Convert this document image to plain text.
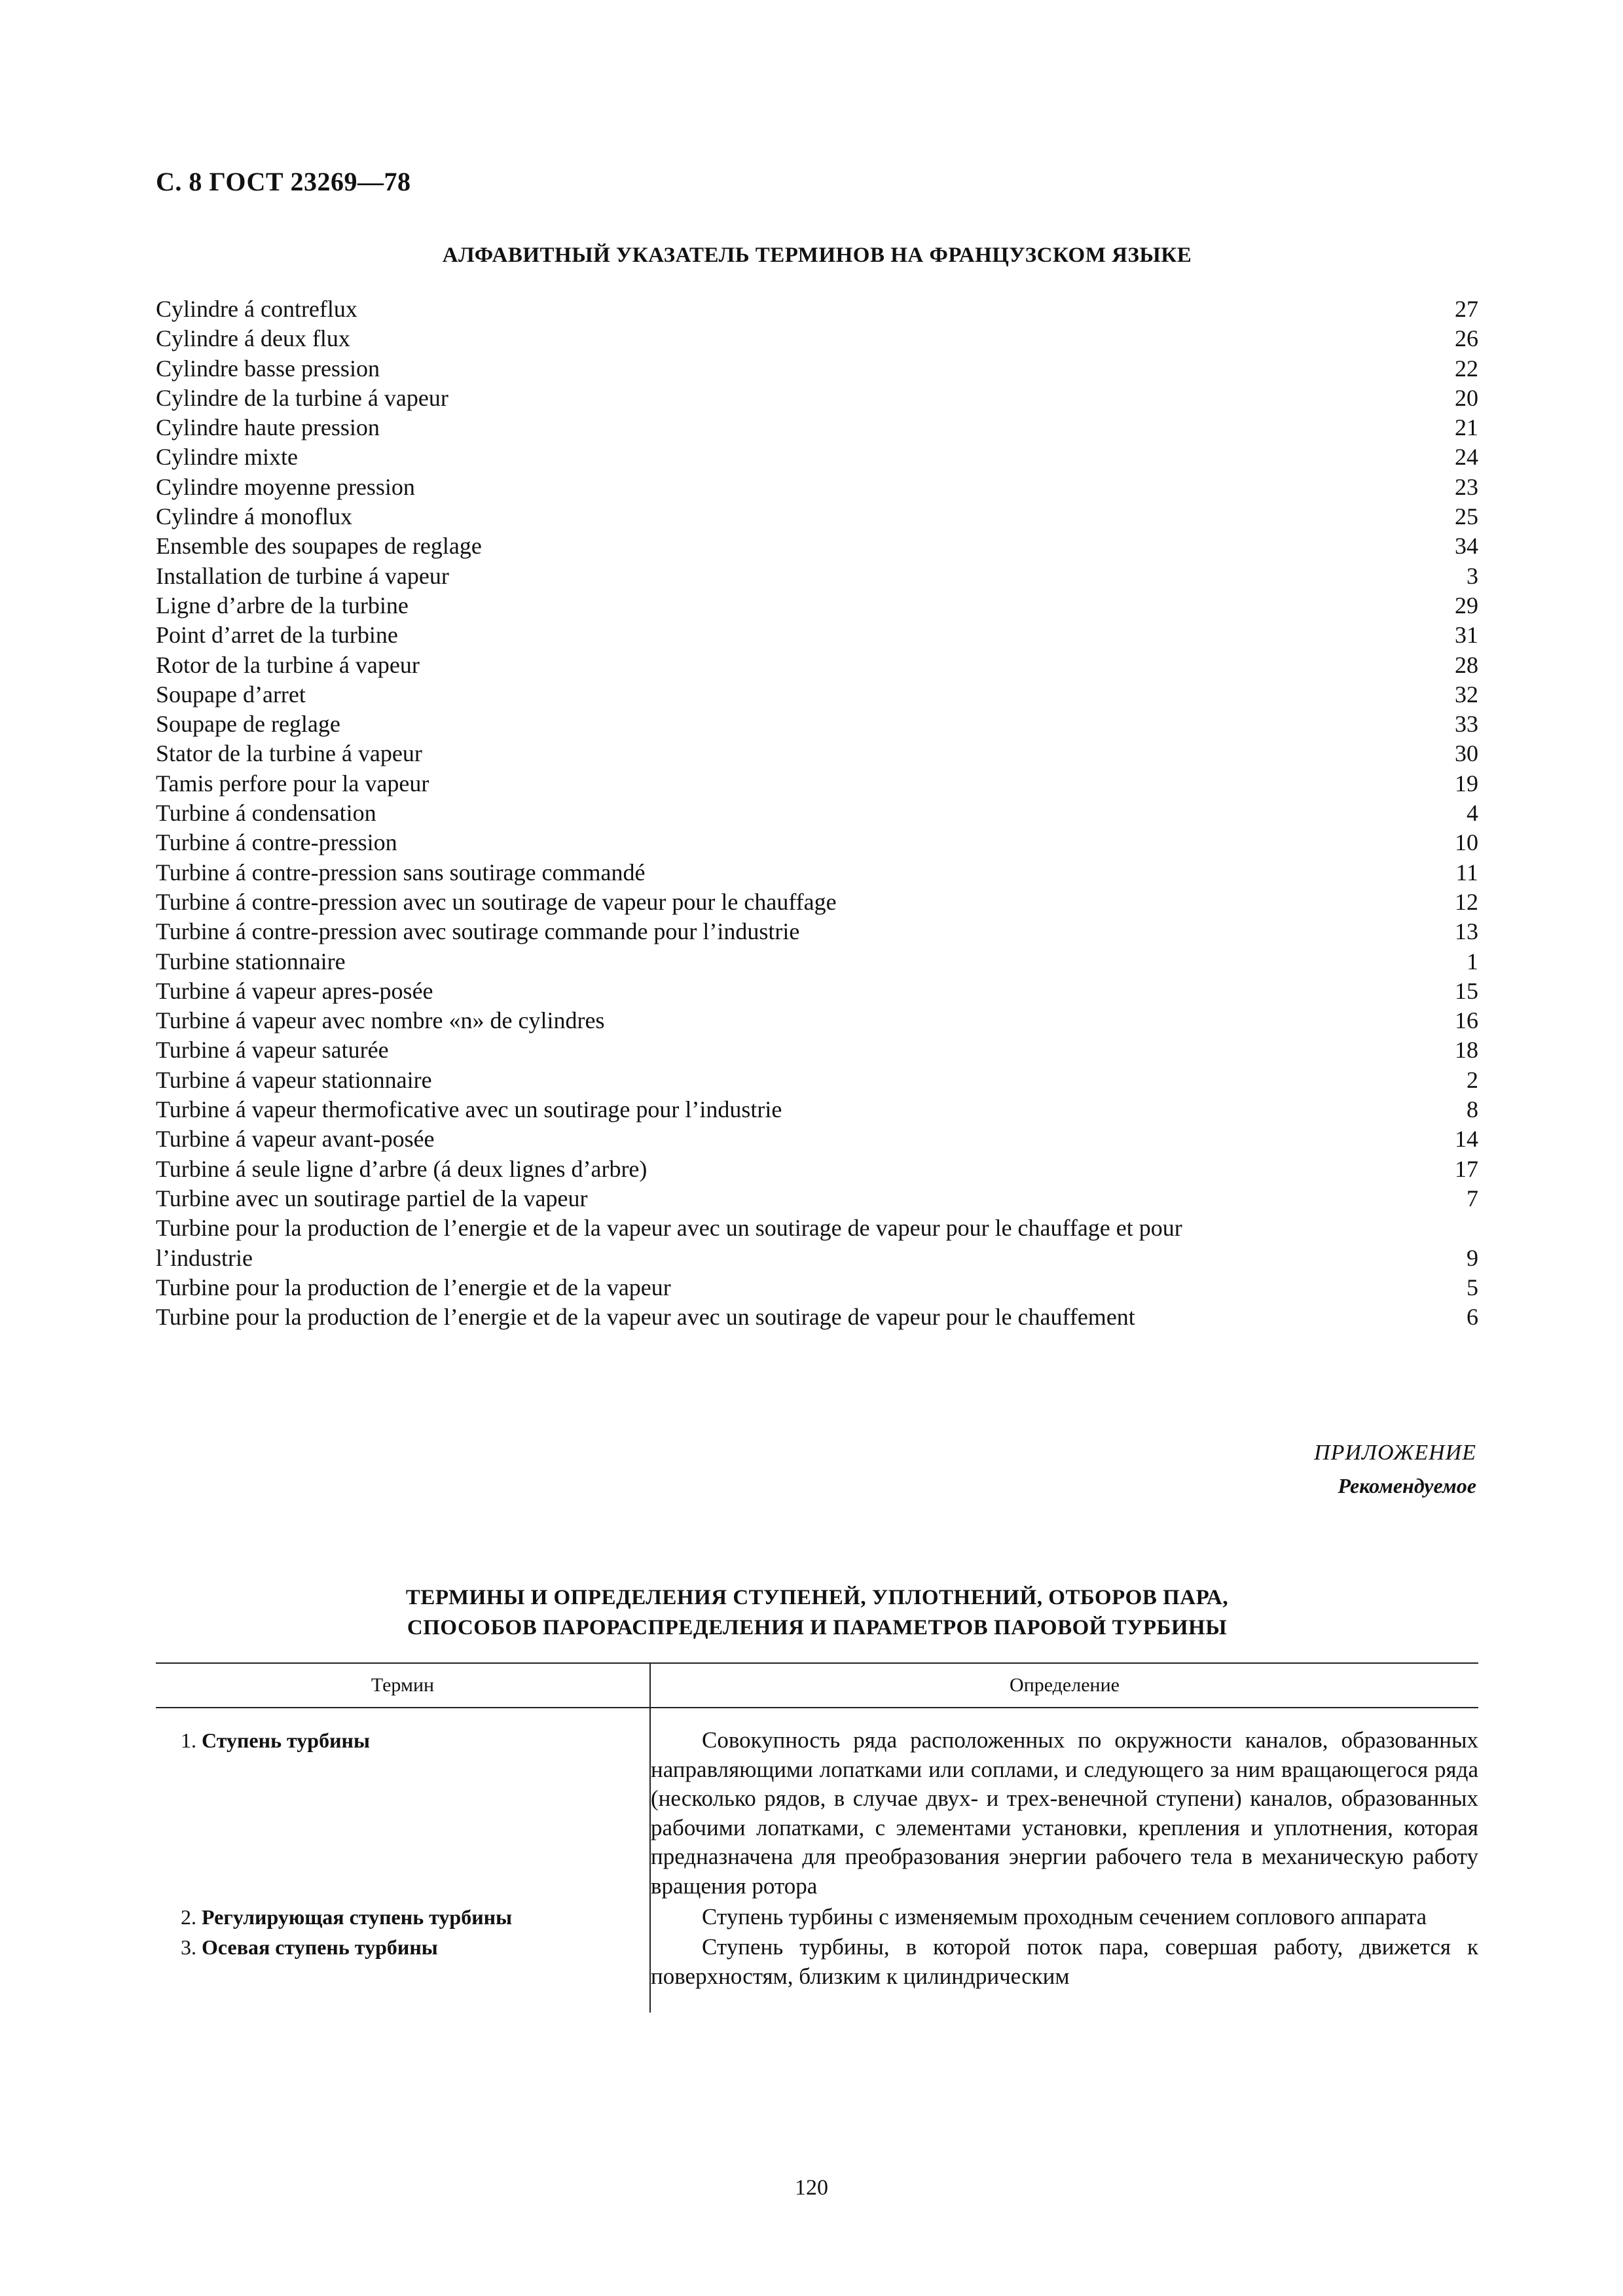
С. 8 ГОСТ 23269—78
АЛФАВИТНЫЙ УКАЗАТЕЛЬ ТЕРМИНОВ НА ФРАНЦУЗСКОМ ЯЗЫКЕ
Cylindre á contreflux	27
Cylindre á deux flux	26
Cylindre basse pression	22
Cylindre de la turbine á vapeur	20
Cylindre haute pression	21
Cylindre mixte	24
Cylindre moyenne pression	23
Cylindre á monoflux	25
Ensemble des soupapes de reglage	34
Installation de turbine á vapeur	3
Ligne d’arbre de la turbine	29
Point d’arret de la turbine	31
Rotor de la turbine á vapeur	28
Soupape d’arret	32
Soupape de reglage	33
Stator de la turbine á vapeur	30
Tamis perfore pour la vapeur	19
Turbine á condensation	4
Turbine á contre-pression	10
Turbine á contre-pression sans soutirage commandé	11
Turbine á contre-pression avec un soutirage de vapeur pour le chauffage	12
Turbine á contre-pression avec soutirage commande pour l’industrie	13
Turbine stationnaire	1
Turbine á vapeur apres-posée	15
Turbine á vapeur avec nombre «n» de cylindres	16
Turbine á vapeur saturée	18
Turbine á vapeur stationnaire	2
Turbine á vapeur thermoficative avec un soutirage pour l’industrie	8
Turbine á vapeur avant-posée	14
Turbine á seule ligne d’arbre (á deux lignes d’arbre)	17
Turbine avec un soutirage partiel de la vapeur	7
Turbine pour la production de l’energie et de la vapeur avec un soutirage de vapeur pour le chauffage et pour
l’industrie	9
Turbine pour la production de l’energie et de la vapeur	5
Turbine pour la production de l’energie et de la vapeur avec un soutirage de vapeur pour le chauffement	6
ПРИЛОЖЕНИЕ
Рекомендуемое
ТЕРМИНЫ И ОПРЕДЕЛЕНИЯ СТУПЕНЕЙ, УПЛОТНЕНИЙ, ОТБОРОВ ПАРА,
СПОСОБОВ ПАРОРАСПРЕДЕЛЕНИЯ И ПАРАМЕТРОВ ПАРОВОЙ ТУРБИНЫ
Термин	Определение

1. Ступень турбины	Совокупность ряда расположенных по окружности каналов, образованных направляющими лопатками или соплами, и следующего за ним вращающегося ряда (несколько рядов, в случае двух- и трех-венечной ступени) каналов, образованных рабочими лопатками, с элементами установки, крепления и уплотнения, которая предназначена для преобразования энергии рабочего тела в механическую работу вращения ротора

2. Регулирующая ступень турбины	Ступень турбины с изменяемым проходным сечением соплового аппарата

3. Осевая ступень турбины	Ступень турбины, в которой поток пара, совершая работу, движется к поверхностям, близким к цилиндрическим

120
